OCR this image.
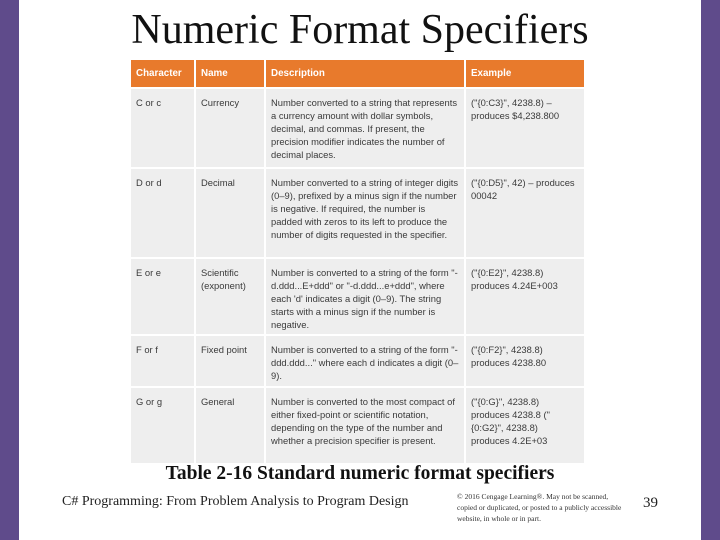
Numeric Format Specifiers
Character	Name	Description	Example
C or c	Currency	Number converted to a string that represents a currency amount with dollar symbols, decimal, and commas. If present, the precision modifier indicates the number of decimal places.	("{0:C3}", 4238.8) – produces $4,238.800
D or d	Decimal	Number converted to a string of integer digits (0–9), prefixed by a minus sign if the number is negative. If required, the number is padded with zeros to its left to produce the number of digits requested in the specifier.	("{0:D5}", 42) – produces 00042
E or e	Scientific (exponent)	Number is converted to a string of the form "-d.ddd...E+ddd" or "-d.ddd...e+ddd", where each 'd' indicates a digit (0–9). The string starts with a minus sign if the number is negative.	("{0:E2}", 4238.8) produces 4.24E+003
F or f	Fixed point	Number is converted to a string of the form "-ddd.ddd..." where each d indicates a digit (0–9).	("{0:F2}", 4238.8) produces 4238.80
G or g	General	Number is converted to the most compact of either fixed-point or scientific notation, depending on the type of the number and whether a precision specifier is present.	("{0:G}", 4238.8) produces 4238.8 ("{0:G2}", 4238.8) produces 4.2E+03
Table 2-16 Standard numeric format specifiers
C# Programming: From Problem Analysis to Program Design	© 2016 Cengage Learning®. May not be scanned, copied or duplicated, or posted to a publicly accessible website, in whole or in part.
39
